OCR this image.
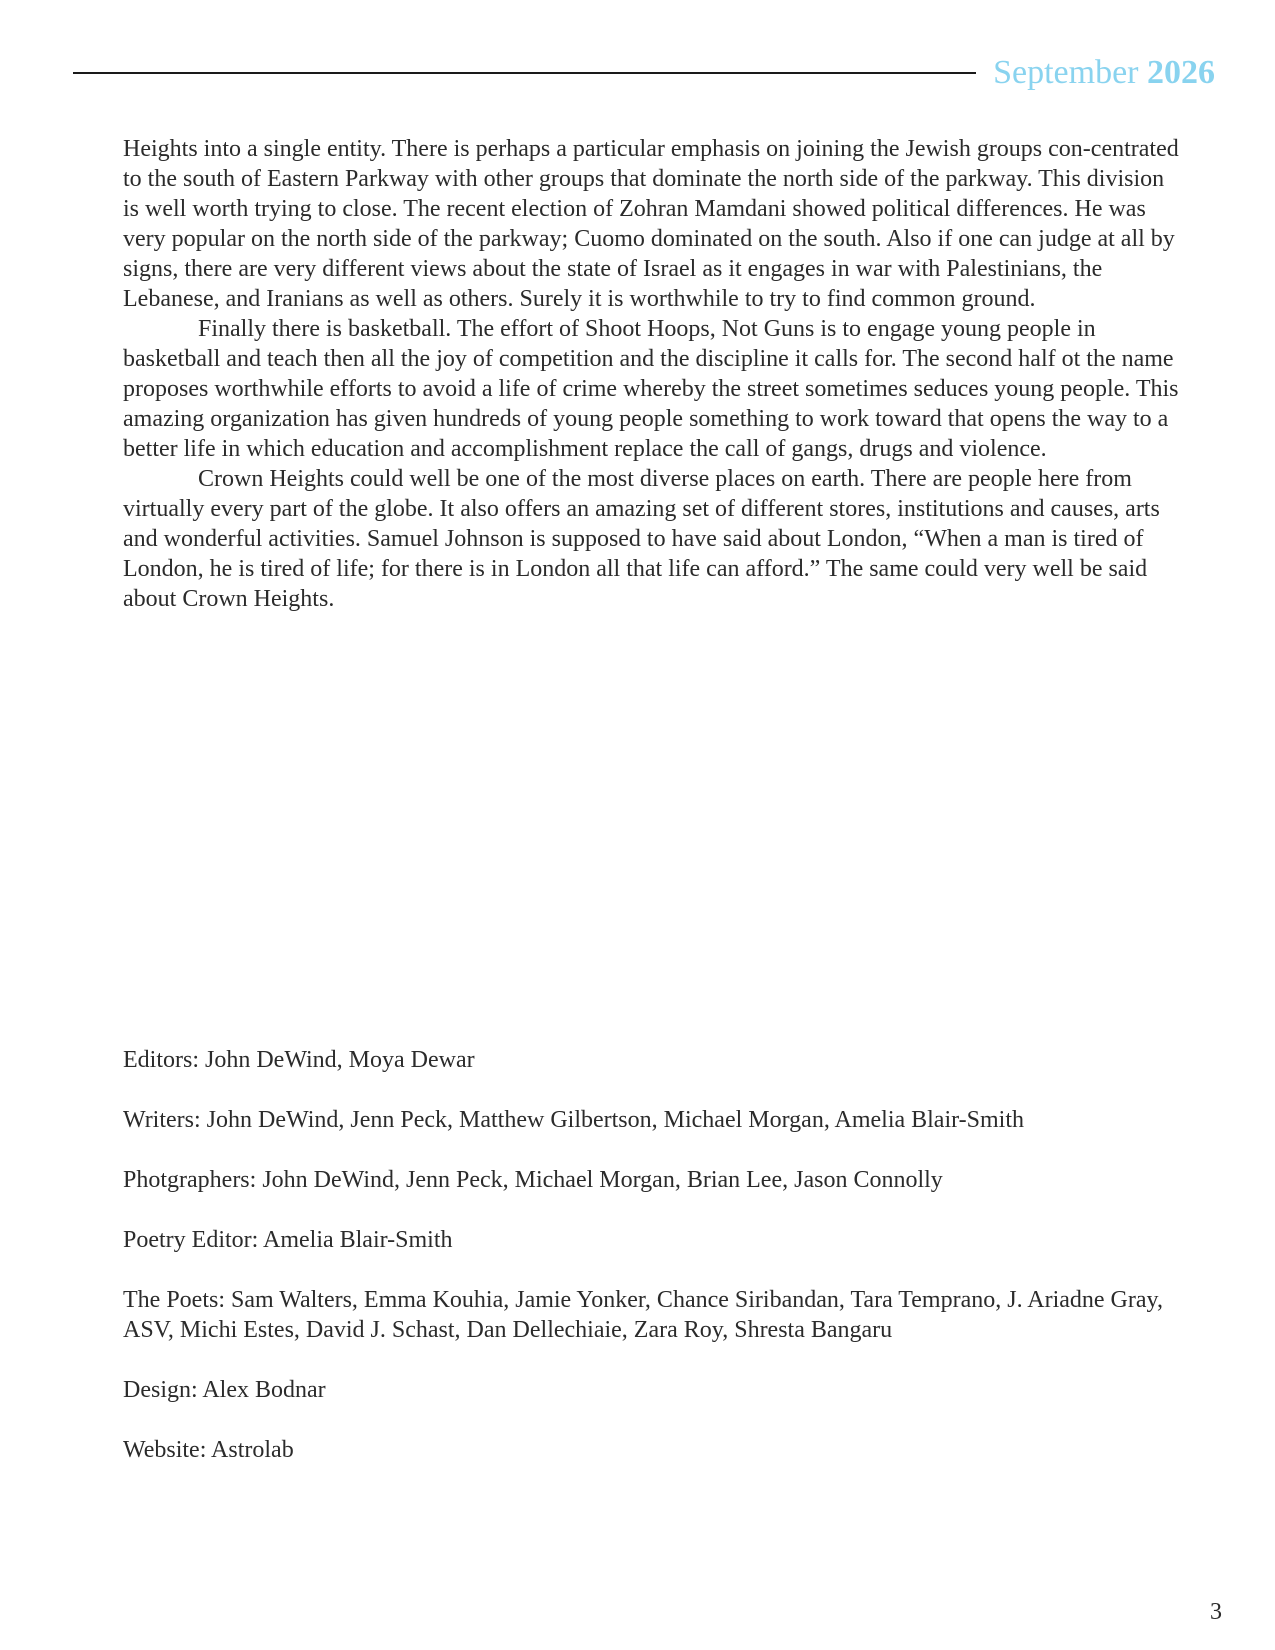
September 2026

Heights into a single entity. There is perhaps a particular emphasis on joining the Jewish groups con-centrated to the south of Eastern Parkway with other groups that dominate the north side of the parkway. This division is well worth trying to close. The recent election of Zohran Mamdani showed political differences. He was very popular on the north side of the parkway; Cuomo dominated on the south. Also if one can judge at all by signs, there are very different views about the state of Israel as it engages in war with Palestinians, the Lebanese, and Iranians as well as others. Surely it is worthwhile to try to find common ground.

Finally there is basketball. The effort of Shoot Hoops, Not Guns is to engage young people in basketball and teach then all the joy of competition and the discipline it calls for. The second half ot the name proposes worthwhile efforts to avoid a life of crime whereby the street sometimes seduces young people. This amazing organization has given hundreds of young people something to work toward that opens the way to a better life in which education and accomplishment replace the call of gangs, drugs and violence.

Crown Heights could well be one of the most diverse places on earth. There are people here from virtually every part of the globe. It also offers an amazing set of different stores, institutions and causes, arts and wonderful activities. Samuel Johnson is supposed to have said about London, “When a man is tired of London, he is tired of life; for there is in London all that life can afford.” The same could very well be said about Crown Heights.

Editors: John DeWind, Moya Dewar

Writers: John DeWind, Jenn Peck, Matthew Gilbertson, Michael Morgan, Amelia Blair-Smith

Photgraphers: John DeWind, Jenn Peck, Michael Morgan, Brian Lee, Jason Connolly

Poetry Editor: Amelia Blair-Smith

The Poets: Sam Walters, Emma Kouhia, Jamie Yonker, Chance Siribandan, Tara Temprano, J. Ariadne Gray, ASV, Michi Estes, David J. Schast, Dan Dellechiaie, Zara Roy, Shresta Bangaru

Design: Alex Bodnar

Website: Astrolab

3
